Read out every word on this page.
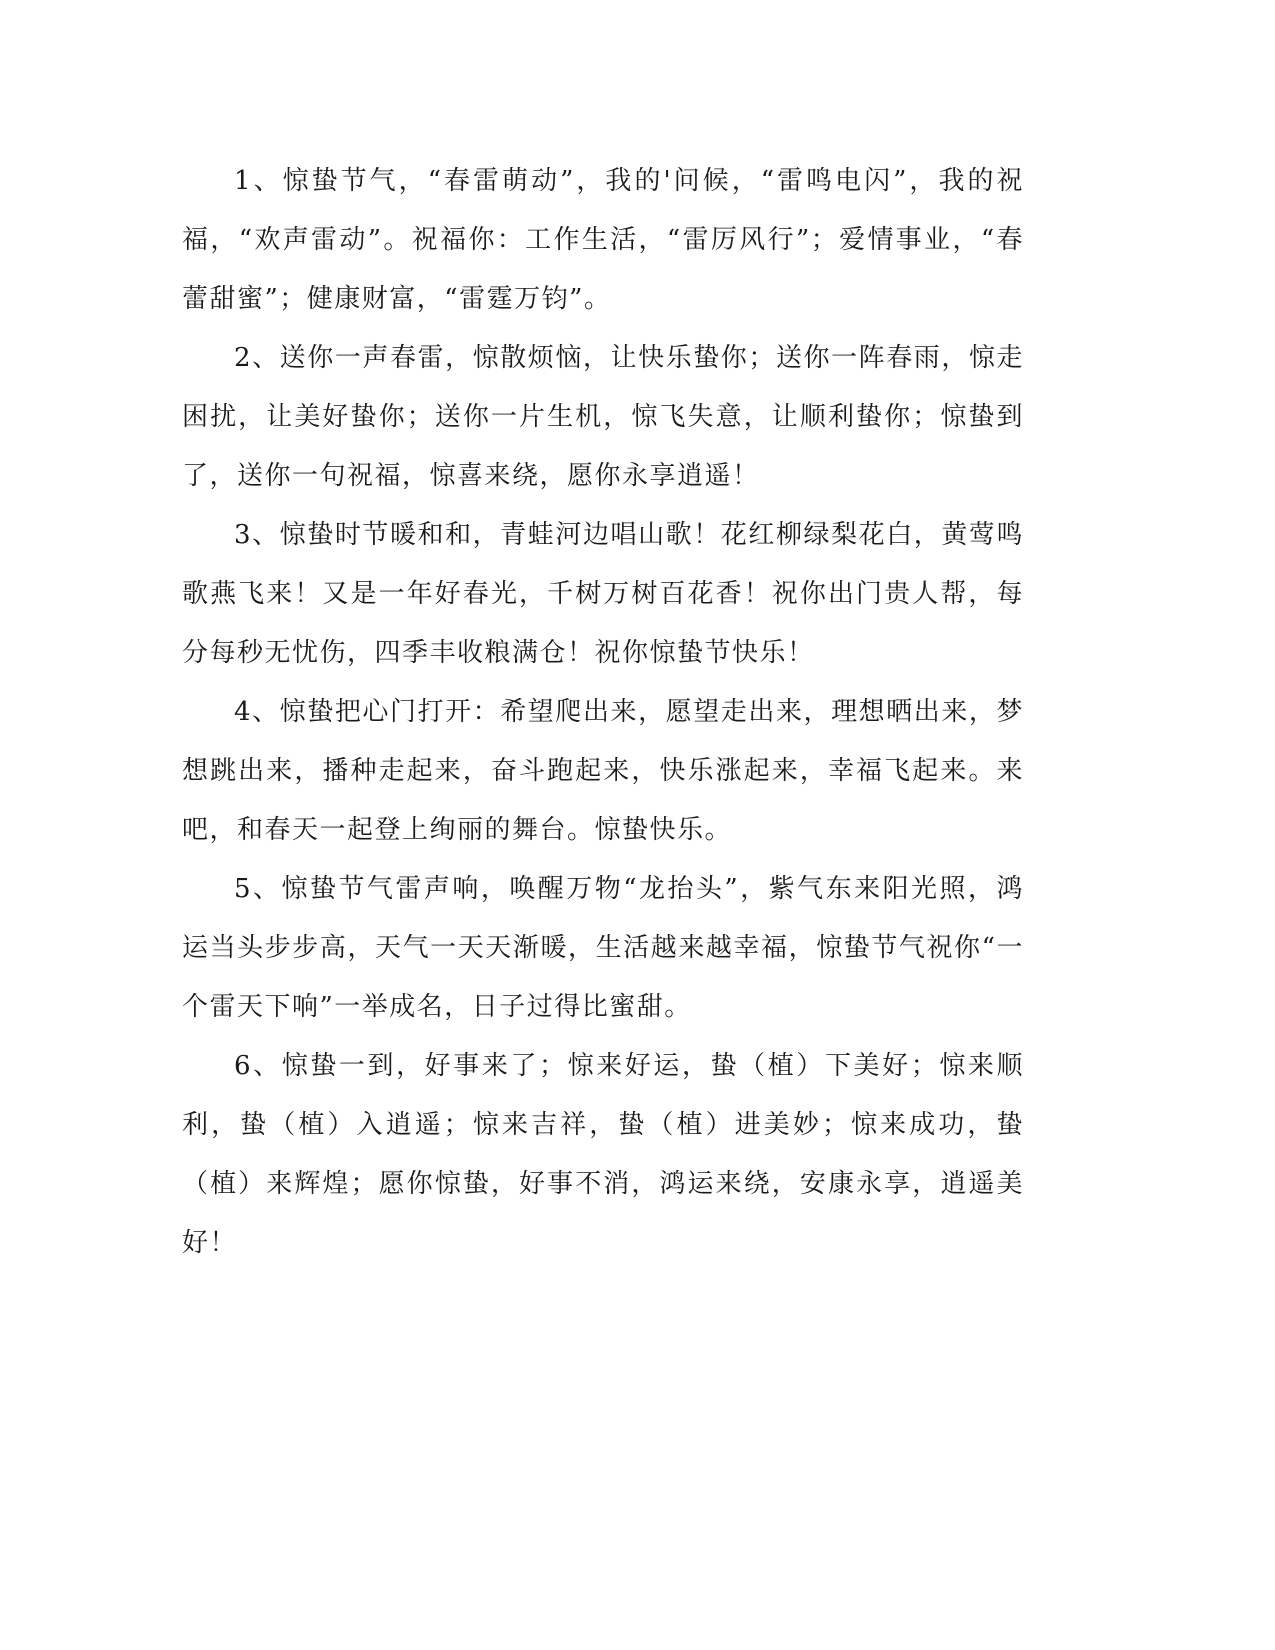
1、惊蛰节气，“春雷萌动”，我的'问候，“雷鸣电闪”，我的祝福，“欢声雷动”。祝福你：工作生活，“雷厉风行”；爱情事业，“春蕾甜蜜”；健康财富，“雷霆万钧”。

2、送你一声春雷，惊散烦恼，让快乐蛰你；送你一阵春雨，惊走困扰，让美好蛰你；送你一片生机，惊飞失意，让顺利蛰你；惊蛰到了，送你一句祝福，惊喜来绕，愿你永享逍遥！

3、惊蛰时节暖和和，青蛙河边唱山歌！花红柳绿梨花白，黄莺鸣歌燕飞来！又是一年好春光，千树万树百花香！祝你出门贵人帮，每分每秒无忧伤，四季丰收粮满仓！祝你惊蛰节快乐！

4、惊蛰把心门打开：希望爬出来，愿望走出来，理想晒出来，梦想跳出来，播种走起来，奋斗跑起来，快乐涨起来，幸福飞起来。来吧，和春天一起登上绚丽的舞台。惊蛰快乐。

5、惊蛰节气雷声响，唤醒万物“龙抬头”，紫气东来阳光照，鸿运当头步步高，天气一天天渐暖，生活越来越幸福，惊蛰节气祝你“一个雷天下响”一举成名，日子过得比蜜甜。

6、惊蛰一到，好事来了；惊来好运，蛰（植）下美好；惊来顺利，蛰（植）入逍遥；惊来吉祥，蛰（植）进美妙；惊来成功，蛰（植）来辉煌；愿你惊蛰，好事不消，鸿运来绕，安康永享，逍遥美好！
